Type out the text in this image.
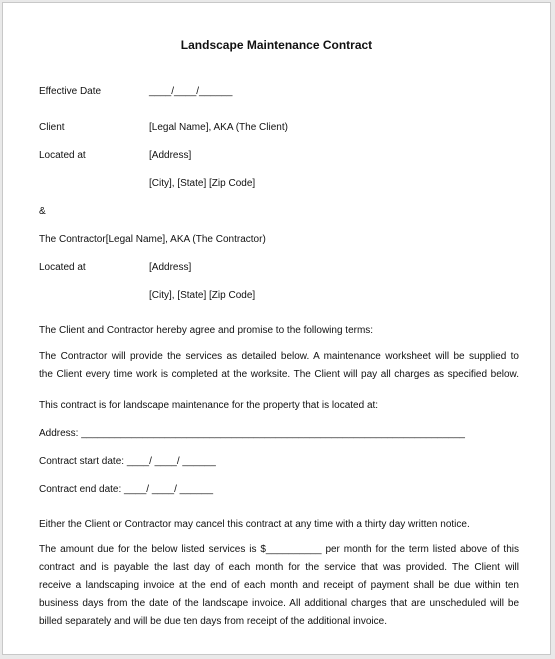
Landscape Maintenance Contract
Effective Date	____/____/______
Client	[Legal Name], AKA (The Client)
Located at	[Address]
[City], [State] [Zip Code]
&
The Contractor[Legal Name], AKA (The Contractor)
Located at	[Address]
[City], [State] [Zip Code]
The Client and Contractor hereby agree and promise to the following terms:
The Contractor will provide the services as detailed below. A maintenance worksheet will be supplied to
the Client every time work is completed at the worksite. The Client will pay all charges as specified below.
This contract is for landscape maintenance for the property that is located at:
Address: _____________________________________________________________________
Contract start date: ____/ ____/ ______
Contract end date: ____/ ____/ ______
Either the Client or Contractor may cancel this contract at any time with a thirty day written notice.
The amount due for the below listed services is $__________ per month for the term listed above of this
contract and is payable the last day of each month for the service that was provided. The Client will
receive a landscaping invoice at the end of each month and receipt of payment shall be due within ten
business days from the date of the landscape invoice. All additional charges that are unscheduled will be
billed separately and will be due ten days from receipt of the additional invoice.
